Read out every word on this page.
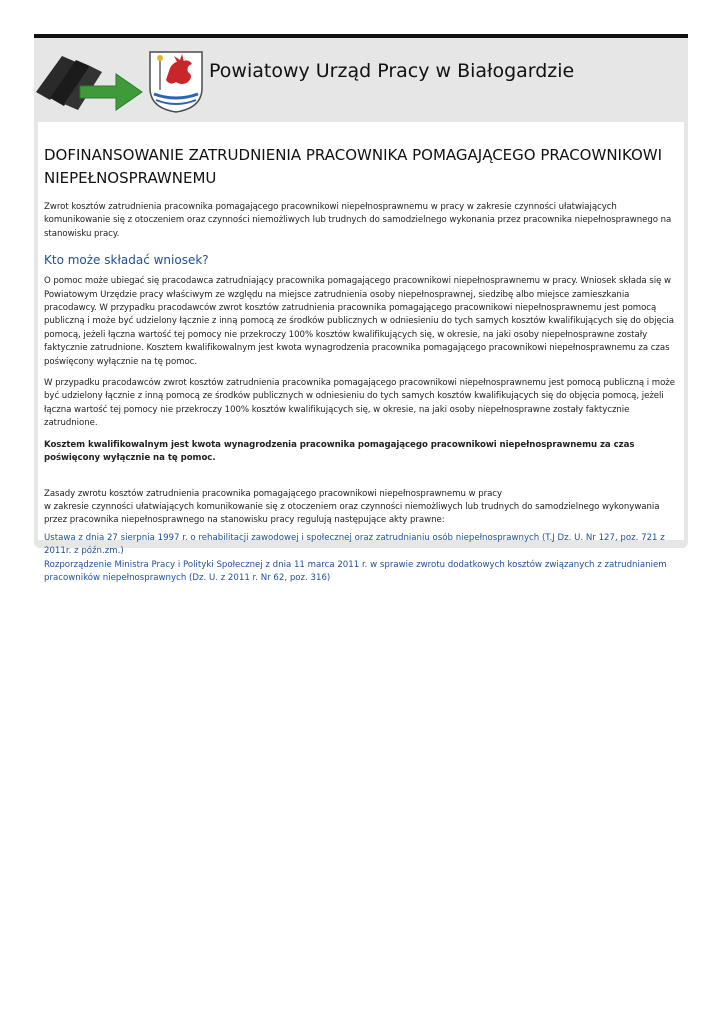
Powiatowy Urząd Pracy w Białogardzie
DOFINANSOWANIE ZATRUDNIENIA PRACOWNIKA POMAGAJĄCEGO PRACOWNIKOWI NIEPEŁNOSPRAWNEMU

Zwrot kosztów zatrudnienia pracownika pomagającego pracownikowi niepełnosprawnemu w pracy w zakresie czynności ułatwiających komunikowanie się z otoczeniem oraz czynności niemożliwych lub trudnych do samodzielnego wykonania przez pracownika niepełnosprawnego na stanowisku pracy.

Kto może składać wniosek?

O pomoc może ubiegać się pracodawca zatrudniający pracownika pomagającego pracownikowi niepełnosprawnemu w pracy. Wniosek składa się w Powiatowym Urzędzie pracy właściwym ze względu na miejsce zatrudnienia osoby niepełnosprawnej, siedzibę albo miejsce zamieszkania pracodawcy. W przypadku pracodawców zwrot kosztów zatrudnienia pracownika pomagającego pracownikowi niepełnosprawnemu jest pomocą publiczną i może być udzielony łącznie z inną pomocą ze środków publicznych w odniesieniu do tych samych kosztów kwalifikujących się do objęcia pomocą, jeżeli łączna wartość tej pomocy nie przekroczy 100% kosztów kwalifikujących się, w okresie, na jaki osoby niepełnosprawne zostały faktycznie zatrudnione. Kosztem kwalifikowalnym jest kwota wynagrodzenia pracownika pomagającego pracownikowi niepełnosprawnemu za czas poświęcony wyłącznie na tę pomoc.

W przypadku pracodawców zwrot kosztów zatrudnienia pracownika pomagającego pracownikowi niepełnosprawnemu jest pomocą publiczną i może być udzielony łącznie z inną pomocą ze środków publicznych w odniesieniu do tych samych kosztów kwalifikujących się do objęcia pomocą, jeżeli łączna wartość tej pomocy nie przekroczy 100% kosztów kwalifikujących się, w okresie, na jaki osoby niepełnosprawne zostały faktycznie zatrudnione.

Kosztem kwalifikowalnym jest kwota wynagrodzenia pracownika pomagającego pracownikowi niepełnosprawnemu za czas poświęcony wyłącznie na tę pomoc.

Zasady zwrotu kosztów zatrudnienia pracownika pomagającego pracownikowi niepełnosprawnemu w pracy
w zakresie czynności ułatwiających komunikowanie się z otoczeniem oraz czynności niemożliwych lub trudnych do samodzielnego wykonywania przez pracownika niepełnosprawnego na stanowisku pracy regulują następujące akty prawne:

Ustawa z dnia 27 sierpnia 1997 r. o rehabilitacji zawodowej i społecznej oraz zatrudnianiu osób niepełnosprawnych (T.J Dz. U. Nr 127, poz. 721 z 2011r. z późn.zm.)
Rozporządzenie Ministra Pracy i Polityki Społecznej z dnia 11 marca 2011 r. w sprawie zwrotu dodatkowych kosztów związanych z zatrudnianiem pracowników niepełnosprawnych (Dz. U. z 2011 r. Nr 62, poz. 316)
